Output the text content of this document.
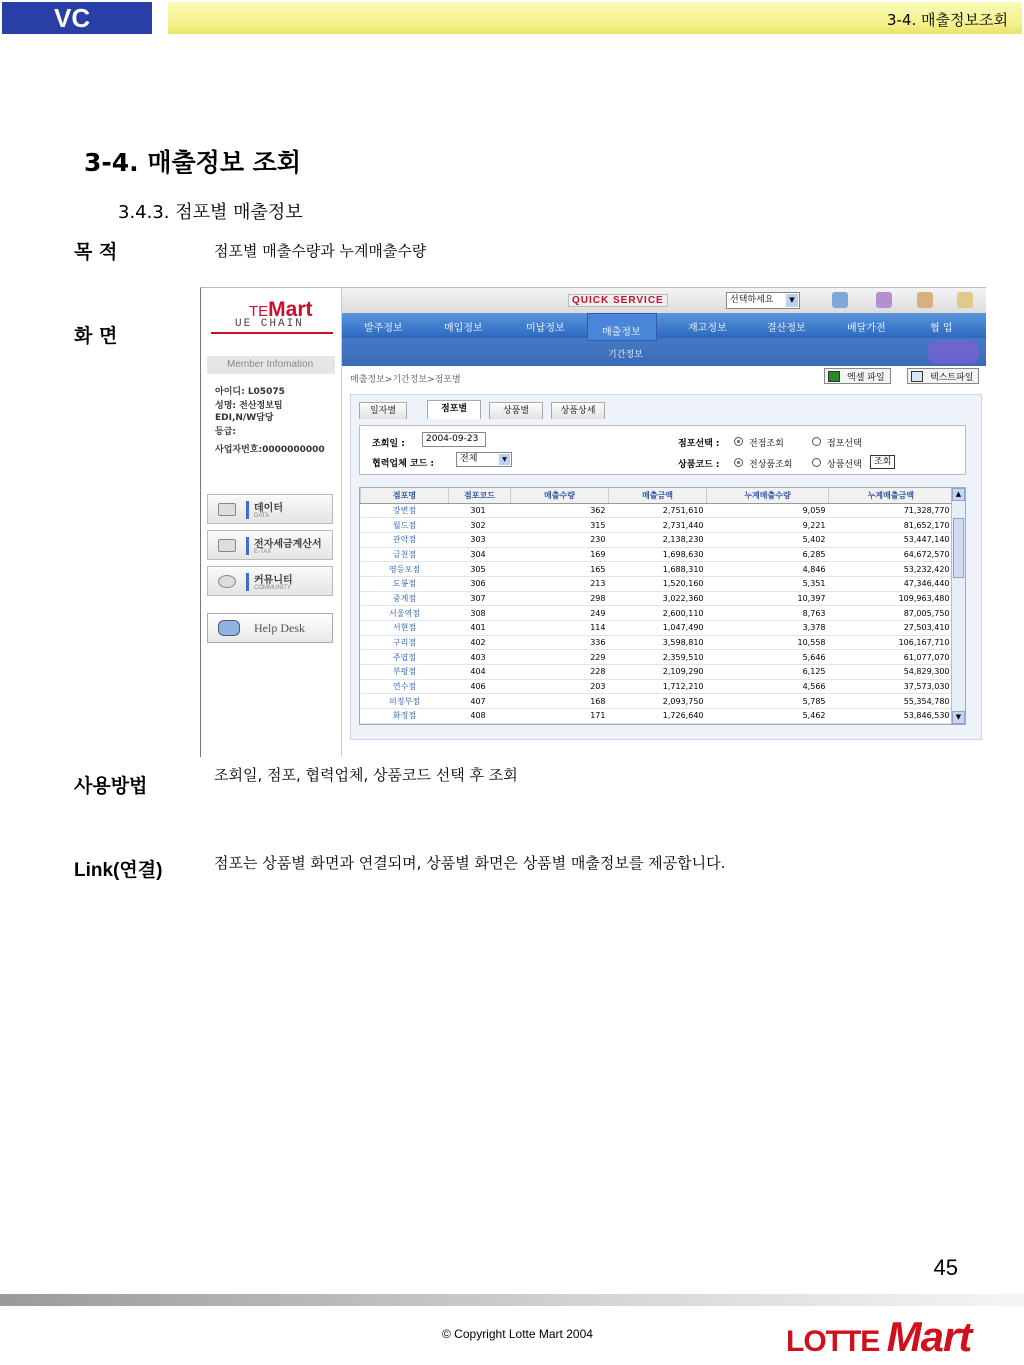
VC	3-4. 매출정보조회
3-4. 매출정보 조회
3.4.3. 점포별 매출정보
목 적	점포별 매출수량과 누계매출수량
화 면
TEMart
UE CHAIN
Member Infomation
아이디: L05075
성명: 전산정보팀
EDI,N/W담당
등급:
사업자번호:0000000000
데이터
DATA
전자세금계산서
E-TAX
커뮤니티
COMMUNITY
Help Desk
QUICK SERVICE	선택하세요	▼
발주정보	매입정보	미납정보	재고정보	결산정보	배달가전	협 업
기간정보
매출정보
매출정보>기간정보>점포별	엑셀 파일	텍스트파일
일자별	점포별	상품별	상품상세
조회일 :	2004-09-23
협력업체 코드 :	전체	▼
점포선택 :	전점조회	점포선택
상품코드 :	전상품조회	상품선택	조회
점포명	점포코드	매출수량	매출금액	누계매출수량	누계매출금액
강변점	301	362	2,751,610	9,059	71,328,770
월드점	302	315	2,731,440	9,221	81,652,170
관악점	303	230	2,138,230	5,402	53,447,140
금천점	304	169	1,698,630	6,285	64,672,570
영등포점	305	165	1,688,310	4,846	53,232,420
도봉점	306	213	1,520,160	5,351	47,346,440
중계점	307	298	3,022,360	10,397	109,963,480
서울역점	308	249	2,600,110	8,763	87,005,750
서현점	401	114	1,047,490	3,378	27,503,410
구리점	402	336	3,598,810	10,558	106,167,710
주엽점	403	229	2,359,510	5,646	61,077,070
부평점	404	228	2,109,290	6,125	54,829,300
연수점	406	203	1,712,210	4,566	37,573,030
의정부점	407	168	2,093,750	5,785	55,354,780
화정점	408	171	1,726,640	5,462	53,846,530
▲
▼
사용방법	조회일, 점포, 협력업체, 상품코드 선택 후 조회
Link(연결)	점포는 상품별 화면과 연결되며, 상품별 화면은 상품별 매출정보를 제공합니다.
45
© Copyright Lotte Mart 2004	LOTTE Mart
